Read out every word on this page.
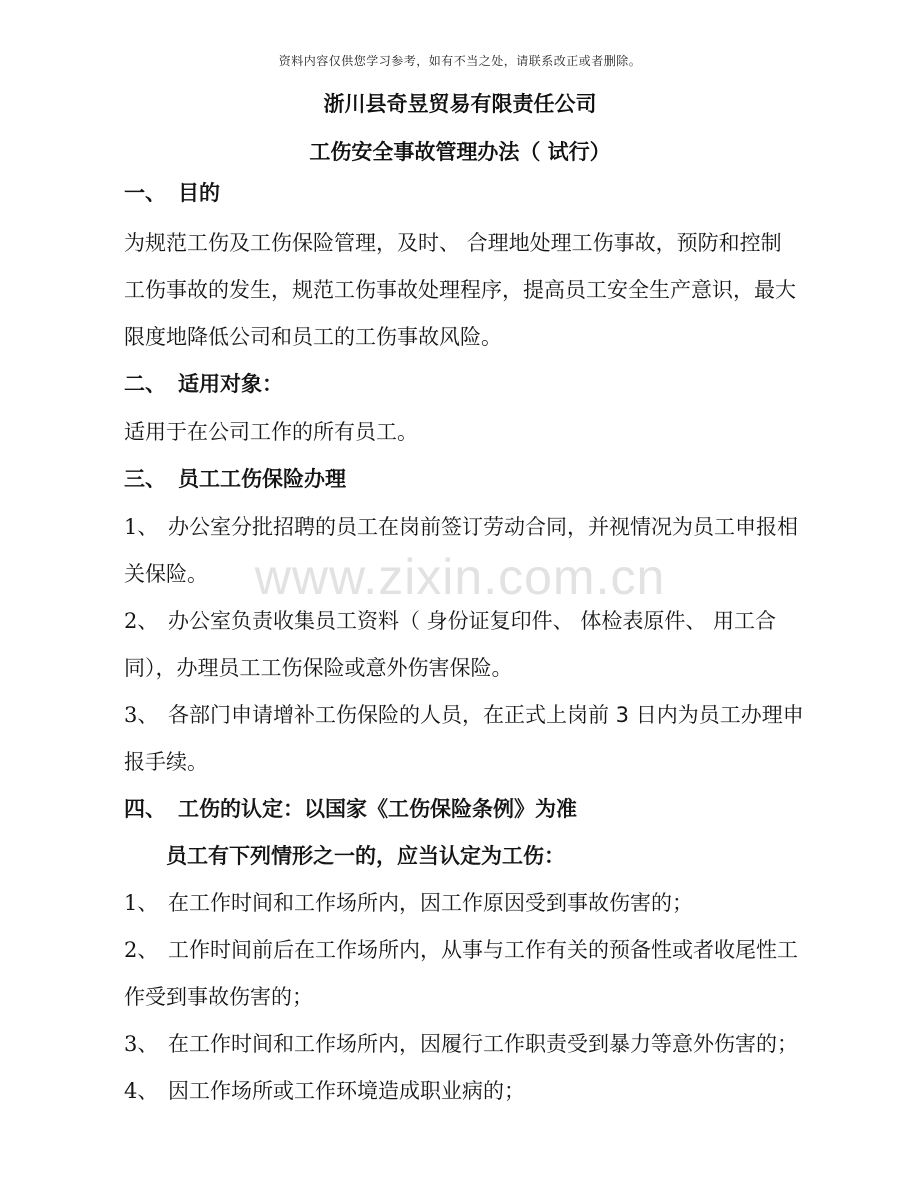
资料内容仅供您学习参考，如有不当之处，请联系改正或者删除。
浙川县奇昱贸易有限责任公司
工伤安全事故管理办法（ 试行）
一、 目的
为规范工伤及工伤保险管理，及时、 合理地处理工伤事故，预防和控制
工伤事故的发生，规范工伤事故处理程序，提高员工安全生产意识，最大
限度地降低公司和员工的工伤事故风险。
二、 适用对象：
适用于在公司工作的所有员工。
三、 员工工伤保险办理
1、 办公室分批招聘的员工在岗前签订劳动合同，并视情况为员工申报相
关保险。
2、 办公室负责收集员工资料（ 身份证复印件、 体检表原件、 用工合
同），办理员工工伤保险或意外伤害保险。
3、 各部门申请增补工伤保险的人员，在正式上岗前 3 日内为员工办理申
报手续。
四、 工伤的认定：以国家《工伤保险条例》为准
员工有下列情形之一的，应当认定为工伤：
1、 在工作时间和工作场所内，因工作原因受到事故伤害的；
2、 工作时间前后在工作场所内，从事与工作有关的预备性或者收尾性工
作受到事故伤害的；
3、 在工作时间和工作场所内，因履行工作职责受到暴力等意外伤害的；
4、 因工作场所或工作环境造成职业病的；
www.zixin.com.cn
